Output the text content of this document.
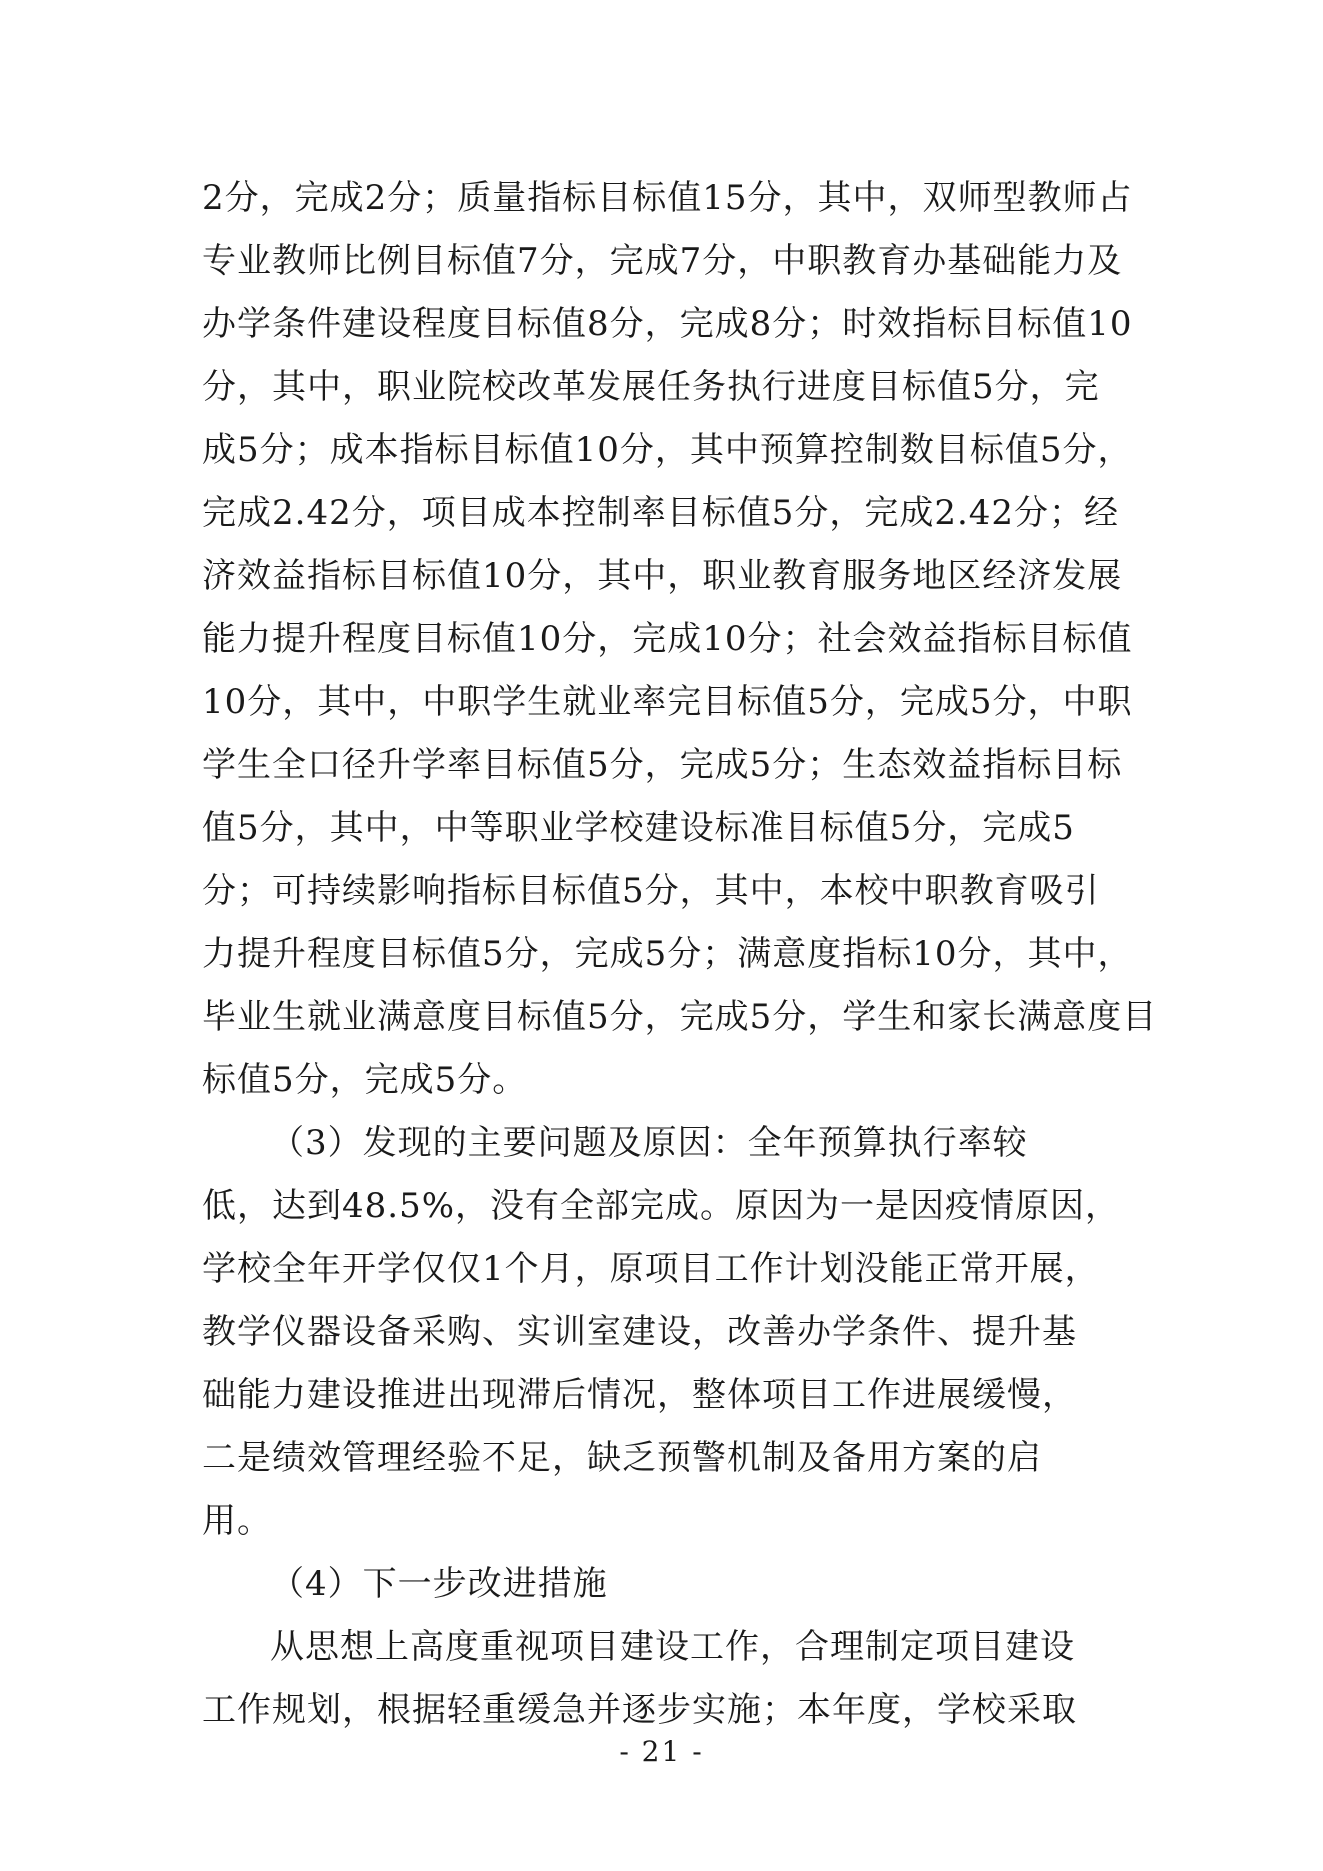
2分，完成2分；质量指标目标值15分，其中，双师型教师占
专业教师比例目标值7分，完成7分，中职教育办基础能力及
办学条件建设程度目标值8分，完成8分；时效指标目标值10
分，其中，职业院校改革发展任务执行进度目标值5分，完
成5分；成本指标目标值10分，其中预算控制数目标值5分，
完成2.42分，项目成本控制率目标值5分，完成2.42分；经
济效益指标目标值10分，其中，职业教育服务地区经济发展
能力提升程度目标值10分，完成10分；社会效益指标目标值
10分，其中，中职学生就业率完目标值5分，完成5分，中职
学生全口径升学率目标值5分，完成5分；生态效益指标目标
值5分，其中，中等职业学校建设标准目标值5分，完成5
分；可持续影响指标目标值5分，其中，本校中职教育吸引
力提升程度目标值5分，完成5分；满意度指标10分，其中，
毕业生就业满意度目标值5分，完成5分，学生和家长满意度目
标值5分，完成5分。
（3）发现的主要问题及原因：全年预算执行率较
低，达到48.5%，没有全部完成。原因为一是因疫情原因，
学校全年开学仅仅1个月，原项目工作计划没能正常开展，
教学仪器设备采购、实训室建设，改善办学条件、提升基
础能力建设推进出现滞后情况，整体项目工作进展缓慢，
二是绩效管理经验不足，缺乏预警机制及备用方案的启
用。
（4）下一步改进措施
从思想上高度重视项目建设工作，合理制定项目建设
工作规划，根据轻重缓急并逐步实施；本年度，学校采取
- 21 -
